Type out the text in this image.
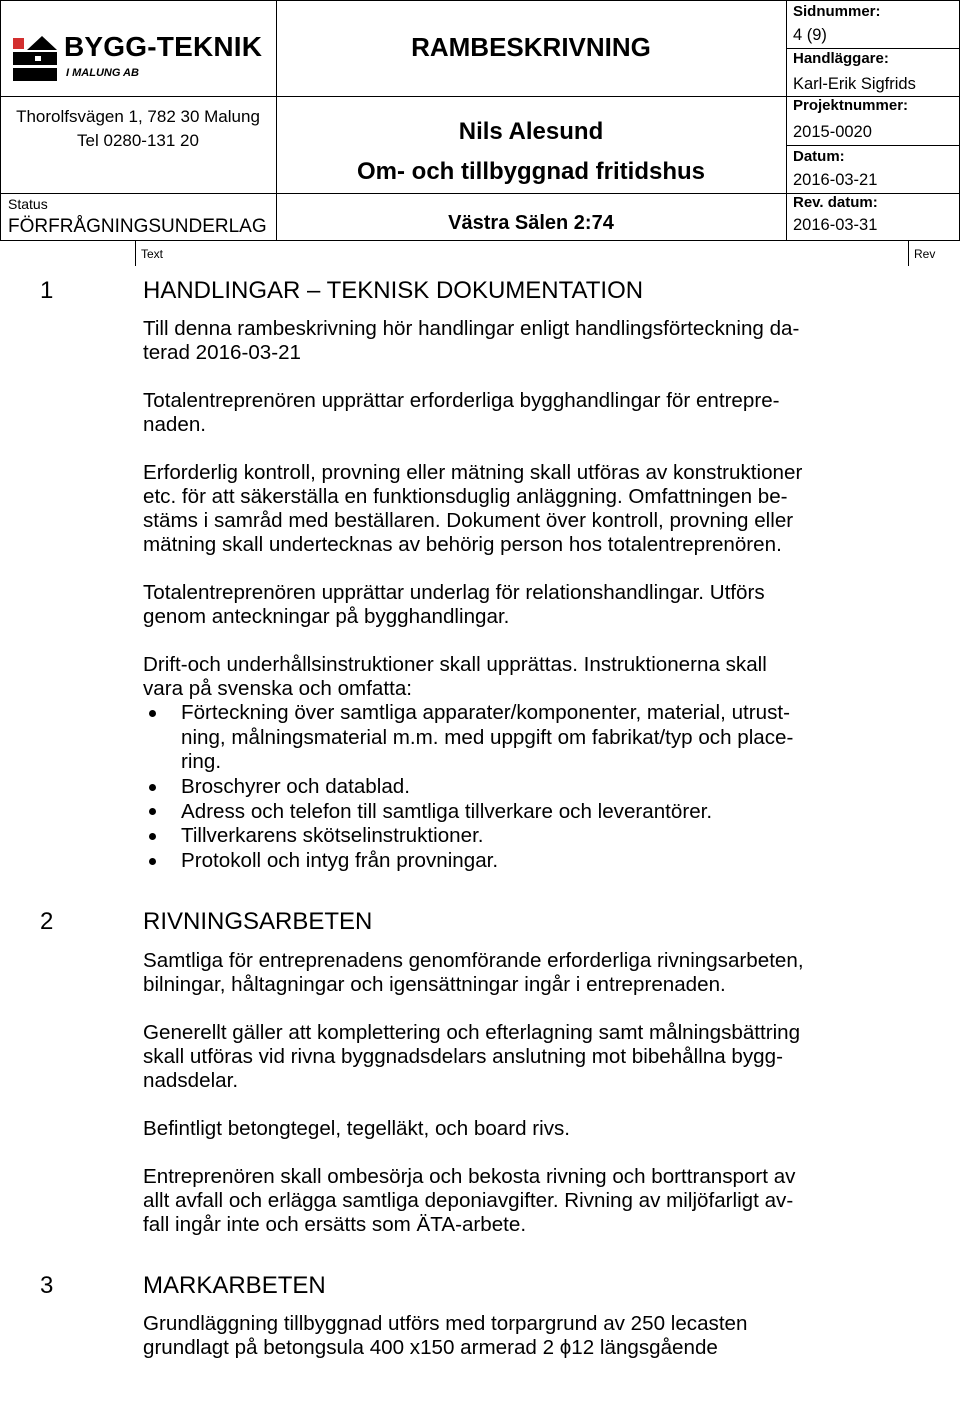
BYGG-TEKNIK
I MALUNG AB
Thorolfsvägen 1, 782 30 Malung
Tel 0280-131 20
Status
FÖRFRÅGNINGSUNDERLAG
RAMBESKRIVNING
Nils Alesund
Om- och tillbyggnad fritidshus
Västra Sälen 2:74
Sidnummer:
4 (9)
Handläggare:
Karl-Erik Sigfrids
Projektnummer:
2015-0020
Datum:
2016-03-21
Rev. datum:
2016-03-31
Text	Rev
1	HANDLINGAR – TEKNISK DOKUMENTATION
Till denna rambeskrivning hör handlingar enligt handlingsförteckning da-
terad 2016-03-21
Totalentreprenören upprättar erforderliga bygghandlingar för entrepre-
naden.
Erforderlig kontroll, provning eller mätning skall utföras av konstruktioner
etc. för att säkerställa en funktionsduglig anläggning. Omfattningen be-
stäms i samråd med beställaren. Dokument över kontroll, provning eller
mätning skall undertecknas av behörig person hos totalentreprenören.
Totalentreprenören upprättar underlag för relationshandlingar. Utförs
genom anteckningar på bygghandlingar.
Drift-och underhållsinstruktioner skall upprättas. Instruktionerna skall
vara på svenska och omfatta:
Förteckning över samtliga apparater/komponenter, material, utrust-
ning, målningsmaterial m.m. med uppgift om fabrikat/typ och place-
ring.
Broschyrer och datablad.
Adress och telefon till samtliga tillverkare och leverantörer.
Tillverkarens skötselinstruktioner.
Protokoll och intyg från provningar.
2	RIVNINGSARBETEN
Samtliga för entreprenadens genomförande erforderliga rivningsarbeten,
bilningar, håltagningar och igensättningar ingår i entreprenaden.
Generellt gäller att komplettering och efterlagning samt målningsbättring
skall utföras vid rivna byggnadsdelars anslutning mot bibehållna bygg-
nadsdelar.
Befintligt betongtegel, tegelläkt, och board rivs.
Entreprenören skall ombesörja och bekosta rivning och borttransport av
allt avfall och erlägga samtliga deponiavgifter. Rivning av miljöfarligt av-
fall ingår inte och ersätts som ÄTA-arbete.
3	MARKARBETEN
Grundläggning tillbyggnad utförs med torpargrund av 250 lecasten
grundlagt på betongsula 400 x150 armerad 2 ϕ12 längsgående
